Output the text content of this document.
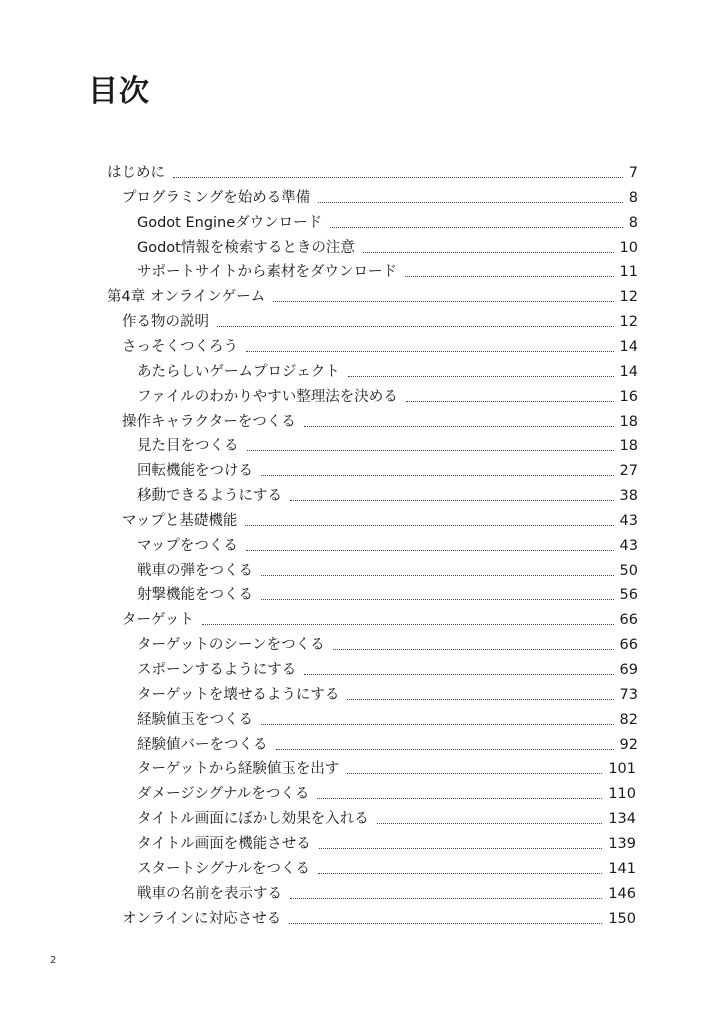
目次
はじめに	7
プログラミングを始める準備	8
Godot Engineダウンロード	8
Godot情報を検索するときの注意	10
サポートサイトから素材をダウンロード	11
第4章 オンラインゲーム	12
作る物の説明	12
さっそくつくろう	14
あたらしいゲームプロジェクト	14
ファイルのわかりやすい整理法を決める	16
操作キャラクターをつくる	18
見た目をつくる	18
回転機能をつける	27
移動できるようにする	38
マップと基礎機能	43
マップをつくる	43
戦車の弾をつくる	50
射撃機能をつくる	56
ターゲット	66
ターゲットのシーンをつくる	66
スポーンするようにする	69
ターゲットを壊せるようにする	73
経験値玉をつくる	82
経験値バーをつくる	92
ターゲットから経験値玉を出す	101
ダメージシグナルをつくる	110
タイトル画面にぼかし効果を入れる	134
タイトル画面を機能させる	139
スタートシグナルをつくる	141
戦車の名前を表示する	146
オンラインに対応させる	150
2
